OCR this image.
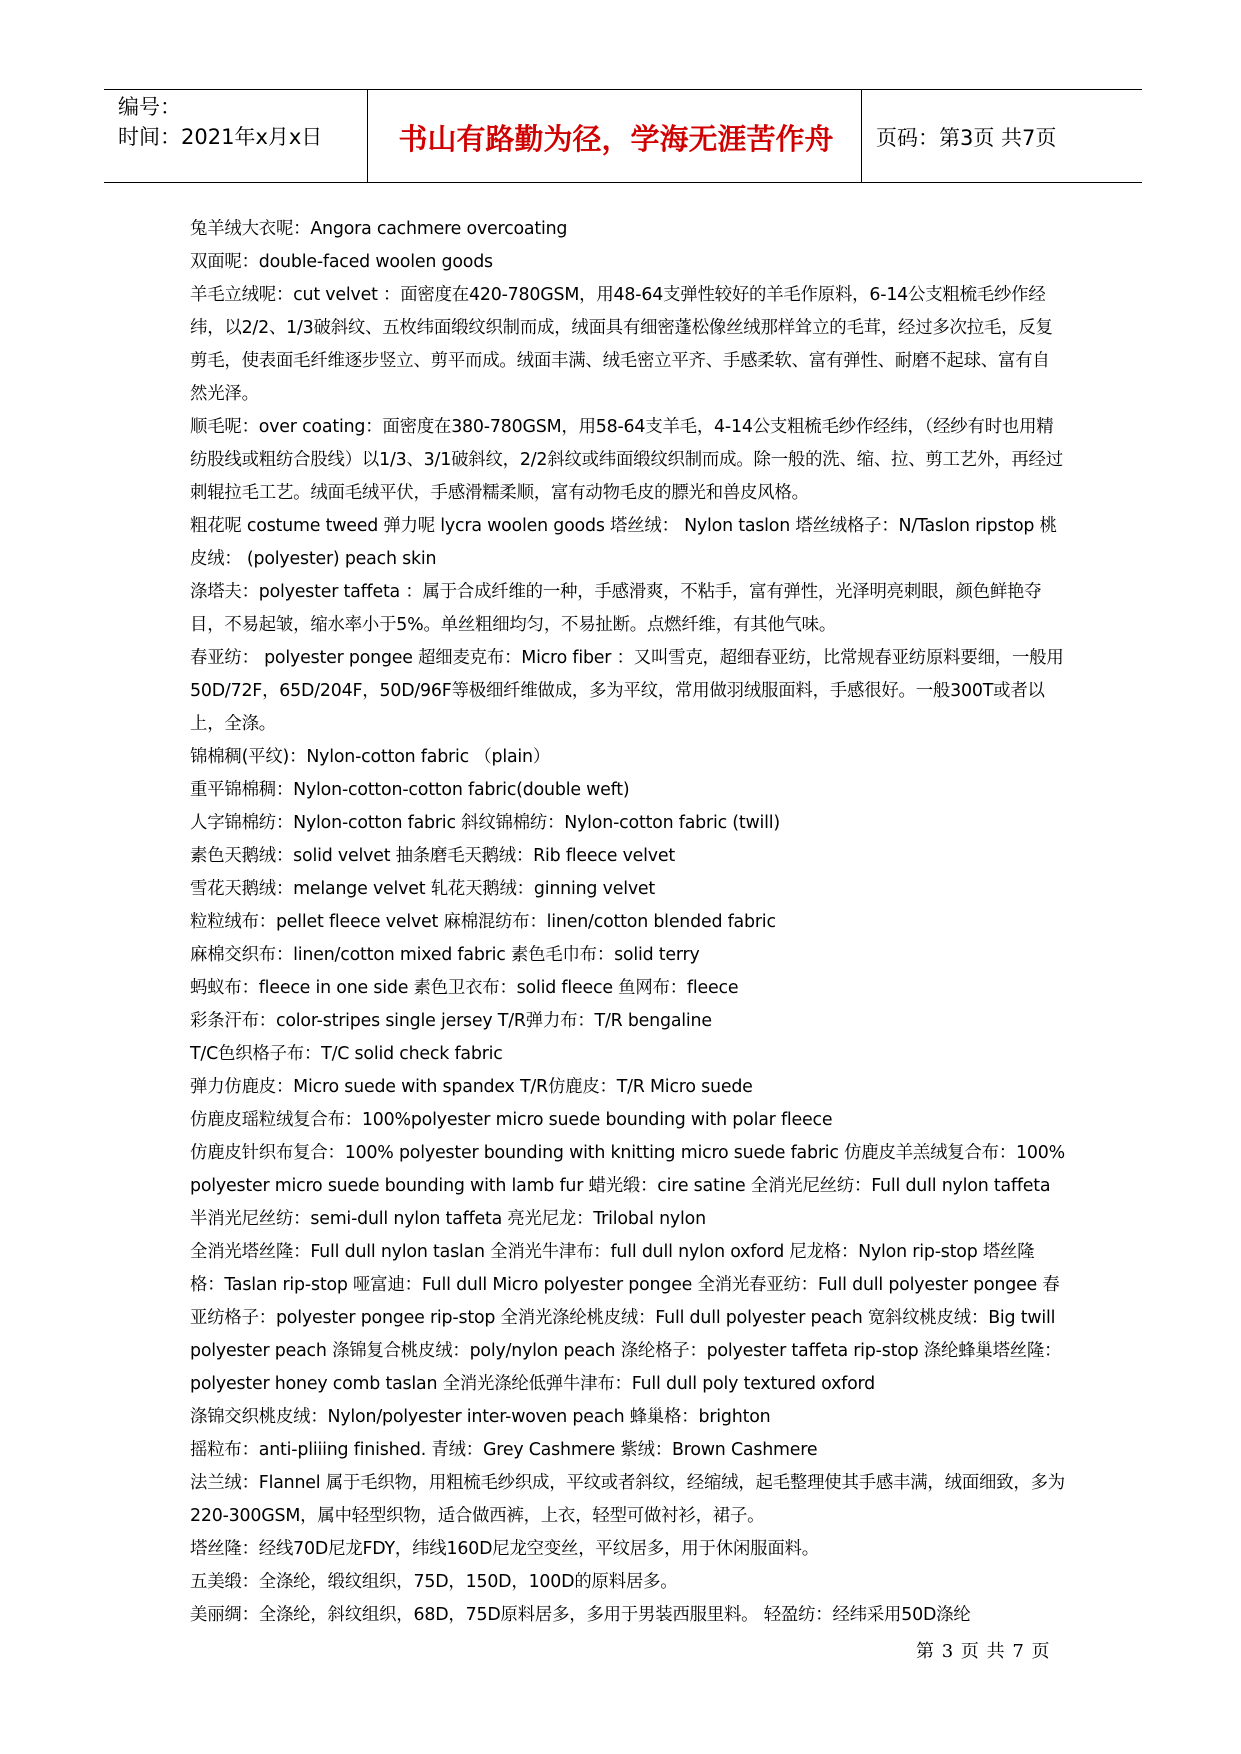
编号：
时间：2021年x月x日	书山有路勤为径，学海无涯苦作舟	页码：第3页 共7页

兔羊绒大衣呢：Angora cachmere overcoating

双面呢：double-faced woolen goods

羊毛立绒呢：cut velvet ：面密度在420-780GSM，用48-64支弹性较好的羊毛作原料，6-14公支粗梳毛纱作经纬，以2/2、1/3破斜纹、五枚纬面缎纹织制而成，绒面具有细密蓬松像丝绒那样耸立的毛茸，经过多次拉毛，反复剪毛，使表面毛纤维逐步竖立、剪平而成。绒面丰满、绒毛密立平齐、手感柔软、富有弹性、耐磨不起球、富有自然光泽。

顺毛呢：over coating：面密度在380-780GSM，用58-64支羊毛，4-14公支粗梳毛纱作经纬，（经纱有时也用精纺股线或粗纺合股线）以1/3、3/1破斜纹，2/2斜纹或纬面缎纹织制而成。除一般的洗、缩、拉、剪工艺外，再经过刺辊拉毛工艺。绒面毛绒平伏，手感滑糯柔顺，富有动物毛皮的膘光和兽皮风格。

粗花呢 costume tweed 弹力呢 lycra woolen goods 塔丝绒： Nylon taslon 塔丝绒格子：N/Taslon ripstop 桃皮绒： (polyester) peach skin

涤塔夫：polyester taffeta ：属于合成纤维的一种，手感滑爽，不粘手，富有弹性，光泽明亮刺眼，颜色鲜艳夺目，不易起皱，缩水率小于5%。单丝粗细均匀，不易扯断。点燃纤维，有其他气味。

春亚纺： polyester pongee 超细麦克布：Micro fiber ：又叫雪克，超细春亚纺，比常规春亚纺原料要细，一般用50D/72F，65D/204F，50D/96F等极细纤维做成，多为平纹，常用做羽绒服面料，手感很好。一般300T或者以上，全涤。

锦棉稠(平纹)：Nylon-cotton fabric （plain）

重平锦棉稠：Nylon-cotton-cotton fabric(double weft)

人字锦棉纺：Nylon-cotton fabric 斜纹锦棉纺：Nylon-cotton fabric (twill)

素色天鹅绒：solid velvet 抽条磨毛天鹅绒：Rib fleece velvet

雪花天鹅绒：melange velvet 轧花天鹅绒：ginning velvet

粒粒绒布：pellet fleece velvet 麻棉混纺布：linen/cotton blended fabric

麻棉交织布：linen/cotton mixed fabric 素色毛巾布：solid terry

蚂蚁布：fleece in one side 素色卫衣布：solid fleece 鱼网布：fleece

彩条汗布：color-stripes single jersey T/R弹力布：T/R bengaline

T/C色织格子布：T/C solid check fabric

弹力仿鹿皮：Micro suede with spandex T/R仿鹿皮：T/R Micro suede

仿鹿皮瑶粒绒复合布：100%polyester micro suede bounding with polar fleece

仿鹿皮针织布复合：100% polyester bounding with knitting micro suede fabric 仿鹿皮羊羔绒复合布：100% polyester micro suede bounding with lamb fur 蜡光缎：cire satine 全消光尼丝纺：Full dull nylon taffeta 半消光尼丝纺：semi-dull nylon taffeta 亮光尼龙：Trilobal nylon

全消光塔丝隆：Full dull nylon taslan 全消光牛津布：full dull nylon oxford 尼龙格：Nylon rip-stop 塔丝隆格：Taslan rip-stop 哑富迪：Full dull Micro polyester pongee 全消光春亚纺：Full dull polyester pongee 春亚纺格子：polyester pongee rip-stop 全消光涤纶桃皮绒：Full dull polyester peach 宽斜纹桃皮绒：Big twill polyester peach 涤锦复合桃皮绒：poly/nylon peach 涤纶格子：polyester taffeta rip-stop 涤纶蜂巢塔丝隆：polyester honey comb taslan 全消光涤纶低弹牛津布：Full dull poly textured oxford

涤锦交织桃皮绒：Nylon/polyester inter-woven peach 蜂巢格：brighton

摇粒布：anti-pliiing finished. 青绒：Grey Cashmere 紫绒：Brown Cashmere

法兰绒：Flannel 属于毛织物，用粗梳毛纱织成，平纹或者斜纹，经缩绒，起毛整理使其手感丰满，绒面细致，多为220-300GSM，属中轻型织物，适合做西裤，上衣，轻型可做衬衫，裙子。

塔丝隆：经线70D尼龙FDY，纬线160D尼龙空变丝，平纹居多，用于休闲服面料。

五美缎：全涤纶，缎纹组织，75D，150D，100D的原料居多。

美丽绸：全涤纶，斜纹组织，68D，75D原料居多，多用于男装西服里料。 轻盈纺：经纬采用50D涤纶

第 3 页 共 7 页
